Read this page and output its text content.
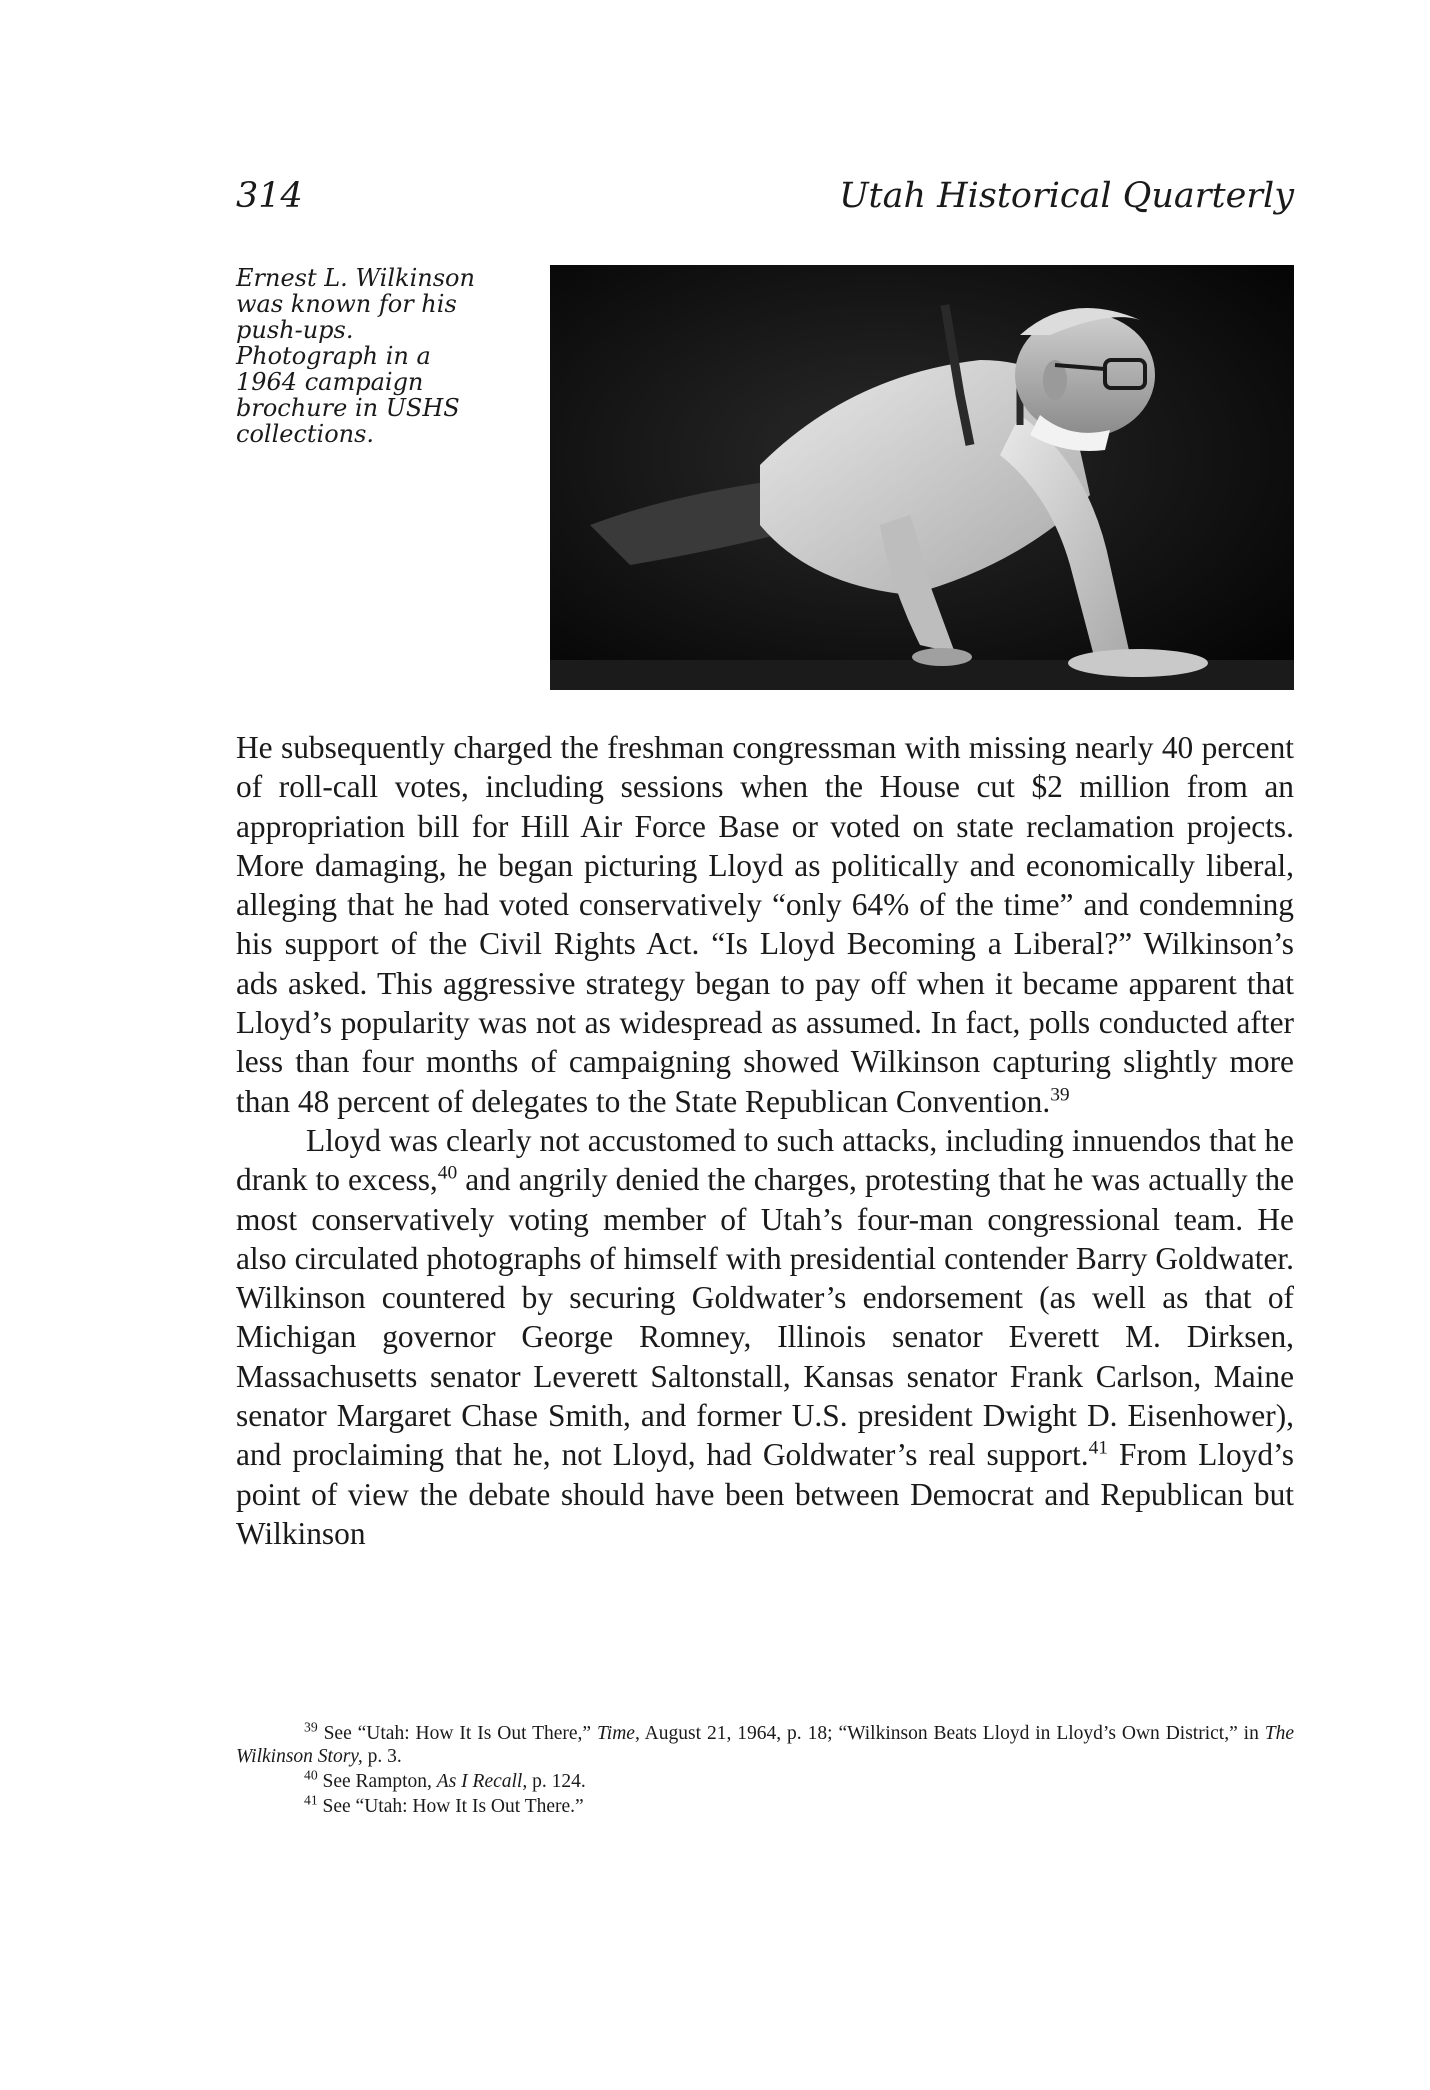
314	Utah Historical Quarterly
Ernest L. Wilkinson was known for his push-ups. Photograph in a 1964 campaign brochure in USHS collections.

He subsequently charged the freshman congressman with missing nearly 40 percent of roll-call votes, including sessions when the House cut $2 million from an appropriation bill for Hill Air Force Base or voted on state reclamation projects. More damaging, he began picturing Lloyd as politically and economically liberal, alleging that he had voted conservatively “only 64% of the time” and condemning his support of the Civil Rights Act. “Is Lloyd Becoming a Liberal?” Wilkinson’s ads asked. This aggressive strategy began to pay off when it became apparent that Lloyd’s popularity was not as widespread as assumed. In fact, polls conducted after less than four months of campaigning showed Wilkinson capturing slightly more than 48 percent of delegates to the State Republican Convention.$^{39}$

Lloyd was clearly not accustomed to such attacks, including innuendos that he drank to excess,$^{40}$ and angrily denied the charges, protesting that he was actually the most conservatively voting member of Utah’s four-man congressional team. He also circulated photographs of himself with presidential contender Barry Goldwater. Wilkinson countered by securing Goldwater’s endorsement (as well as that of Michigan governor George Romney, Illinois senator Everett M. Dirksen, Massachusetts senator Leverett Saltonstall, Kansas senator Frank Carlson, Maine senator Margaret Chase Smith, and former U.S. president Dwight D. Eisenhower), and proclaiming that he, not Lloyd, had Goldwater’s real support.$^{41}$ From Lloyd’s point of view the debate should have been between Democrat and Republican but Wilkinson

$^{39}$ See “Utah: How It Is Out There,” Time, August 21, 1964, p. 18; “Wilkinson Beats Lloyd in Lloyd’s Own District,” in The Wilkinson Story, p. 3.

$^{40}$ See Rampton, As I Recall, p. 124.

$^{41}$ See “Utah: How It Is Out There.”
